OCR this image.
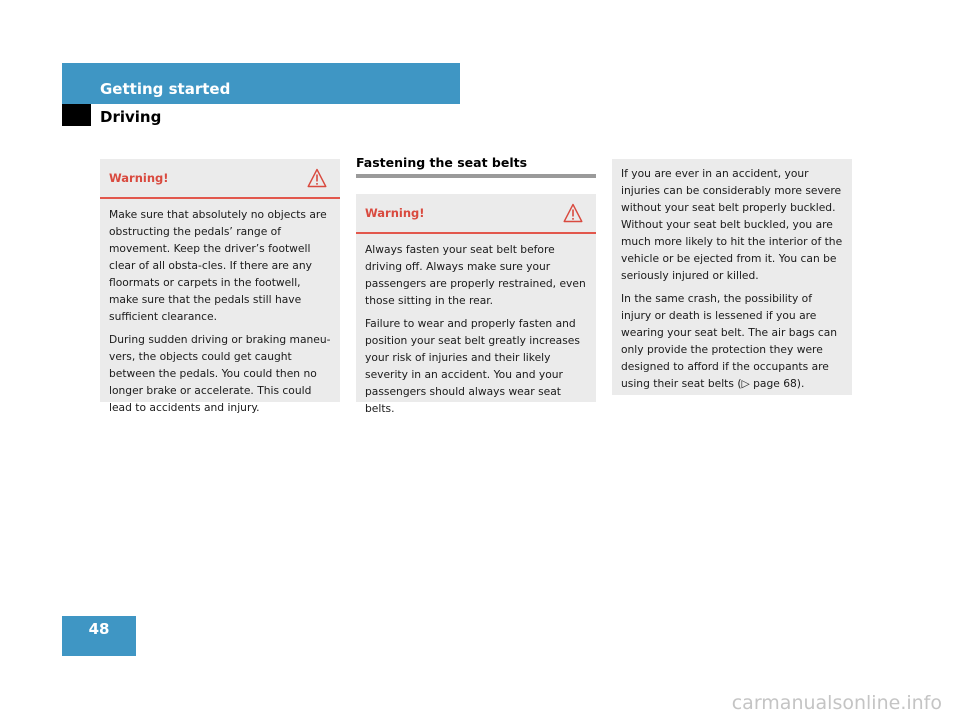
Getting started
Driving
Warning!

Make sure that absolutely no objects are obstructing the pedals’ range of movement. Keep the driver’s footwell clear of all obsta-cles. If there are any floormats or carpets in the footwell, make sure that the pedals still have sufficient clearance.

During sudden driving or braking maneu-vers, the objects could get caught between the pedals. You could then no longer brake or accelerate. This could lead to accidents and injury.

Fastening the seat belts
Warning!

Always fasten your seat belt before driving off. Always make sure your passengers are properly restrained, even those sitting in the rear.

Failure to wear and properly fasten and position your seat belt greatly increases your risk of injuries and their likely severity in an accident. You and your passengers should always wear seat belts.

If you are ever in an accident, your injuries can be considerably more severe without your seat belt properly buckled. Without your seat belt buckled, you are much more likely to hit the interior of the vehicle or be ejected from it. You can be seriously injured or killed.

In the same crash, the possibility of injury or death is lessened if you are wearing your seat belt. The air bags can only provide the protection they were designed to afford if the occupants are using their seat belts (▷ page 68).

48
carmanualsonline.info
